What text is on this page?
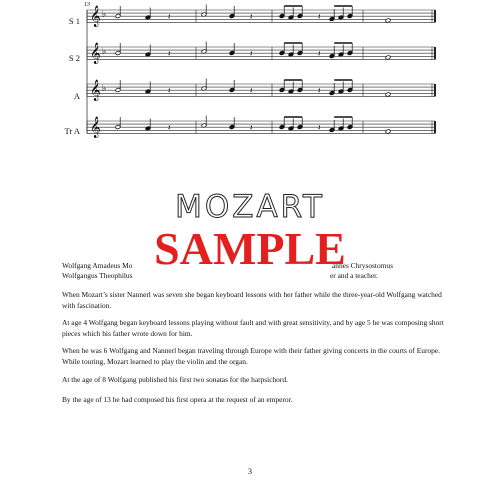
𝄞 ♭	𝄽	𝄽	𝄽
𝄞 ♭	𝄽	𝄽	𝄽
𝄞 ♭	𝄽	𝄽	𝄽
𝄞	𝄽	𝄽	𝄽
13
S 1
S 2
A
Tr A
MOZART
SAMPLE
Wolfgang Amadeus Mo	annes Chrysostomus
Wolfgangus Theophilus	er and a teacher.
When Mozart’s sister Nannerl was seven she began keyboard lessons with her father while the three-year-old Wolfgang watched with fascination.
At age 4 Wolfgang began keyboard lessons playing without fault and with great sensitivity, and by age 5 he was composing short pieces which his father wrote down for him.
When he was 6 Wolfgang and Nannerl began traveling through Europe with their father giving concerts in the courts of Europe. While touring, Mozart learned to play the violin and the organ.
At the age of 8 Wolfgang published his first two sonatas for the harpsichord.
By the age of 13 he had composed his first opera at the request of an emperor.
3
